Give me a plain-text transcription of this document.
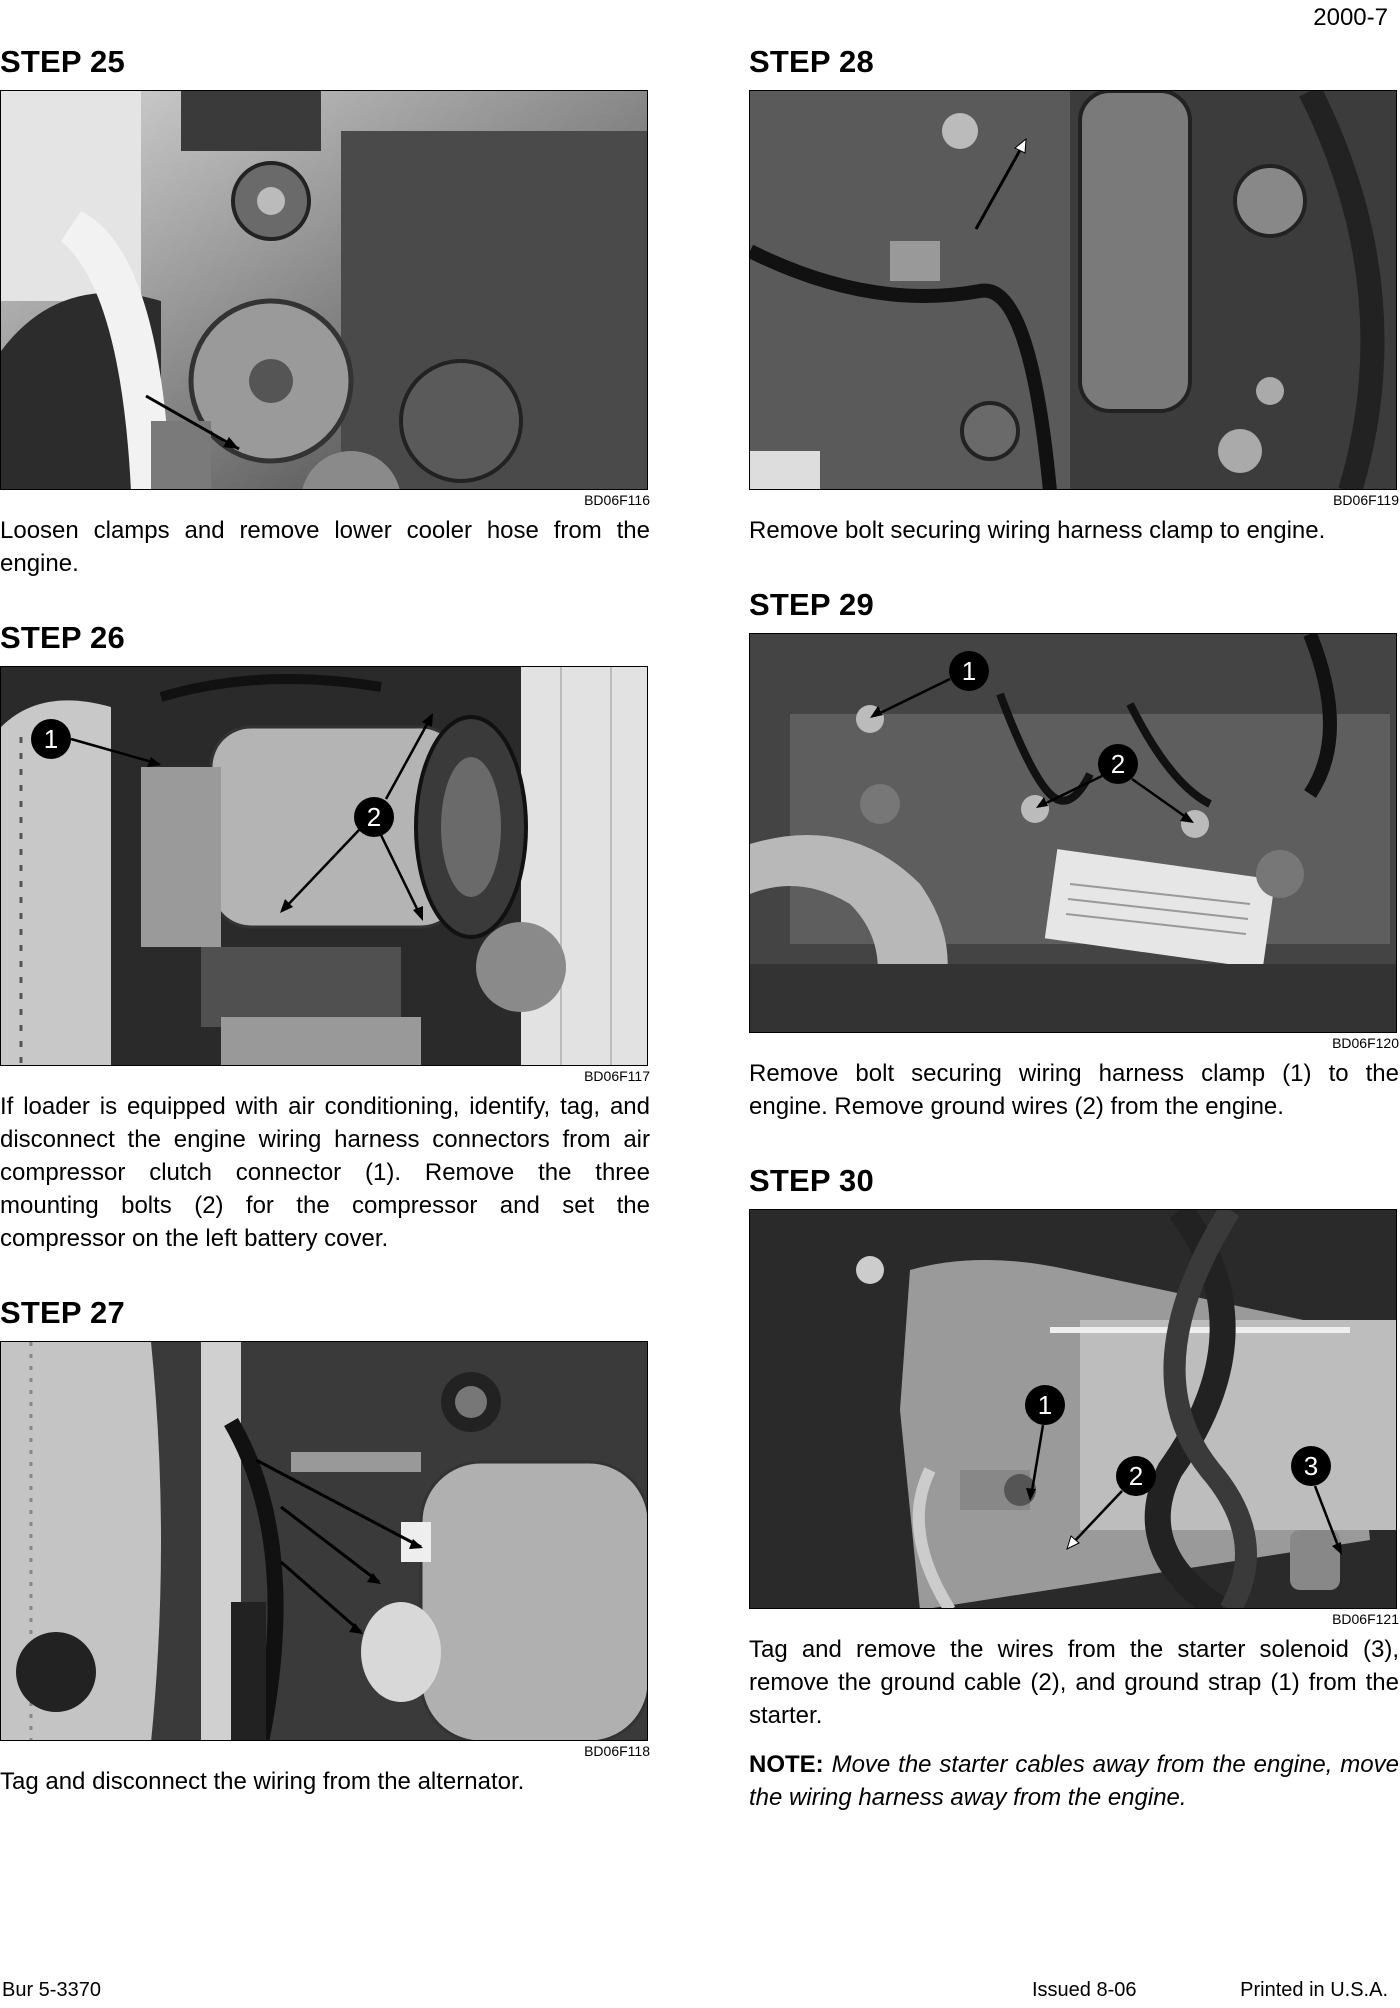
2000-7
STEP 25
BD06F116

Loosen clamps and remove lower cooler hose from the engine.

STEP 26
1
2
BD06F117

If loader is equipped with air conditioning, identify, tag, and disconnect the engine wiring harness connectors from air compressor clutch connector (1). Remove the three mounting bolts (2) for the compressor and set the compressor on the left battery cover.

STEP 27
BD06F118

Tag and disconnect the wiring from the alternator.

STEP 28
BD06F119

Remove bolt securing wiring harness clamp to engine.

STEP 29
1
2
BD06F120

Remove bolt securing wiring harness clamp (1) to the engine. Remove ground wires (2) from the engine.

STEP 30
1
2	3
BD06F121

Tag and remove the wires from the starter solenoid (3), remove the ground cable (2), and ground strap (1) from the starter.

NOTE: Move the starter cables away from the engine, move the wiring harness away from the engine.
Bur 5-3370	Issued 8-06	Printed in U.S.A.
